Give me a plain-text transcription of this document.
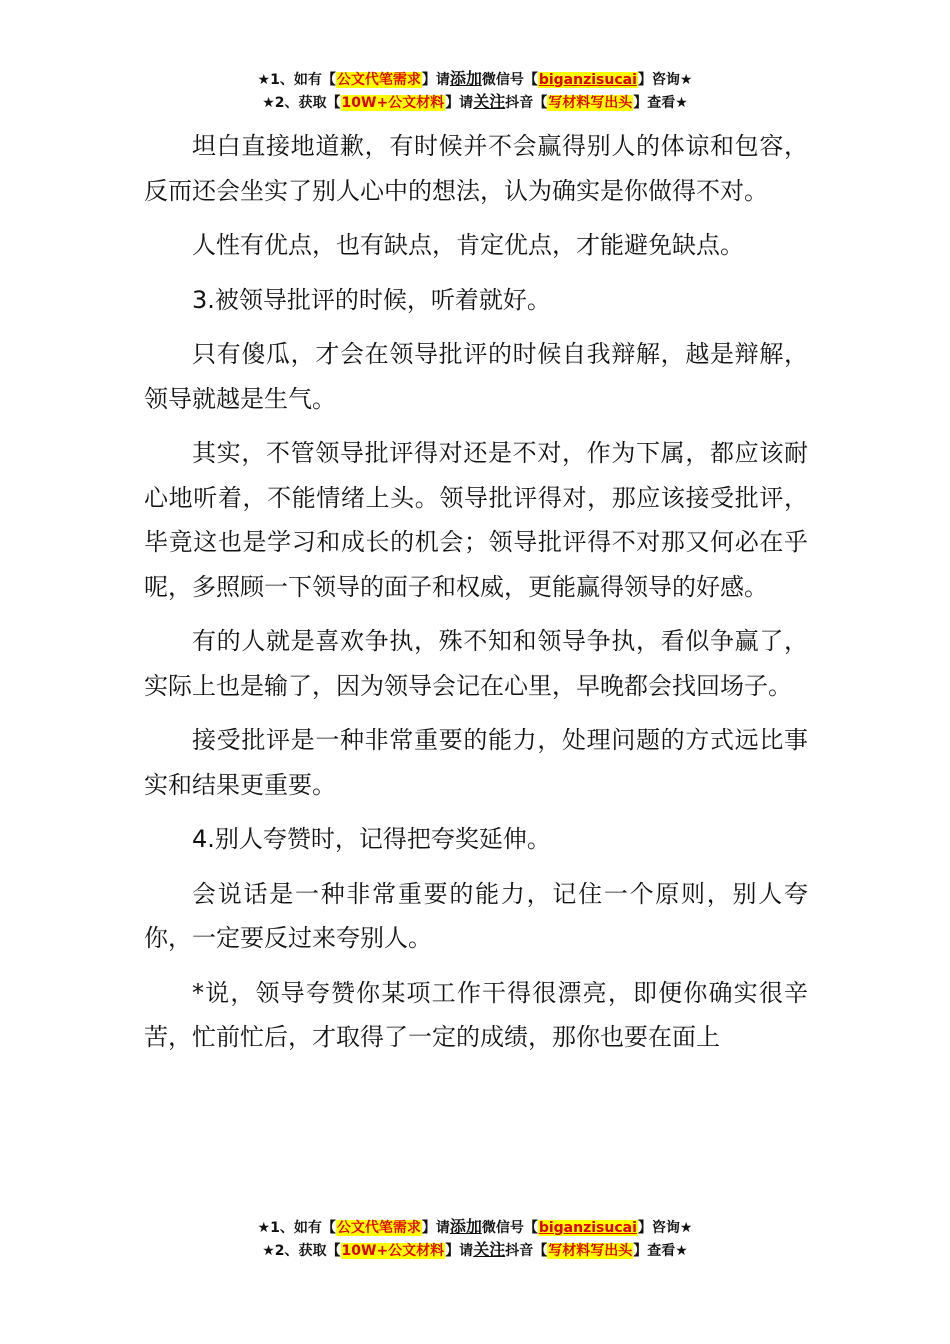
★1、如有【公文代笔需求】请添加微信号【biganzisucai】咨询★
★2、获取【10W+公文材料】请关注抖音【写材料写出头】查看★

坦白直接地道歉，有时候并不会赢得别人的体谅和包容，反而还会坐实了别人心中的想法，认为确实是你做得不对。

人性有优点，也有缺点，肯定优点，才能避免缺点。

3.被领导批评的时候，听着就好。

只有傻瓜，才会在领导批评的时候自我辩解，越是辩解，领导就越是生气。

其实，不管领导批评得对还是不对，作为下属，都应该耐心地听着，不能情绪上头。领导批评得对，那应该接受批评，毕竟这也是学习和成长的机会；领导批评得不对那又何必在乎呢，多照顾一下领导的面子和权威，更能赢得领导的好感。

有的人就是喜欢争执，殊不知和领导争执，看似争赢了，实际上也是输了，因为领导会记在心里，早晚都会找回场子。

接受批评是一种非常重要的能力，处理问题的方式远比事实和结果更重要。

4.别人夸赞时，记得把夸奖延伸。

会说话是一种非常重要的能力，记住一个原则，别人夸你，一定要反过来夸别人。

*说，领导夸赞你某项工作干得很漂亮，即便你确实很辛苦，忙前忙后，才取得了一定的成绩，那你也要在面上

★1、如有【公文代笔需求】请添加微信号【biganzisucai】咨询★
★2、获取【10W+公文材料】请关注抖音【写材料写出头】查看★
